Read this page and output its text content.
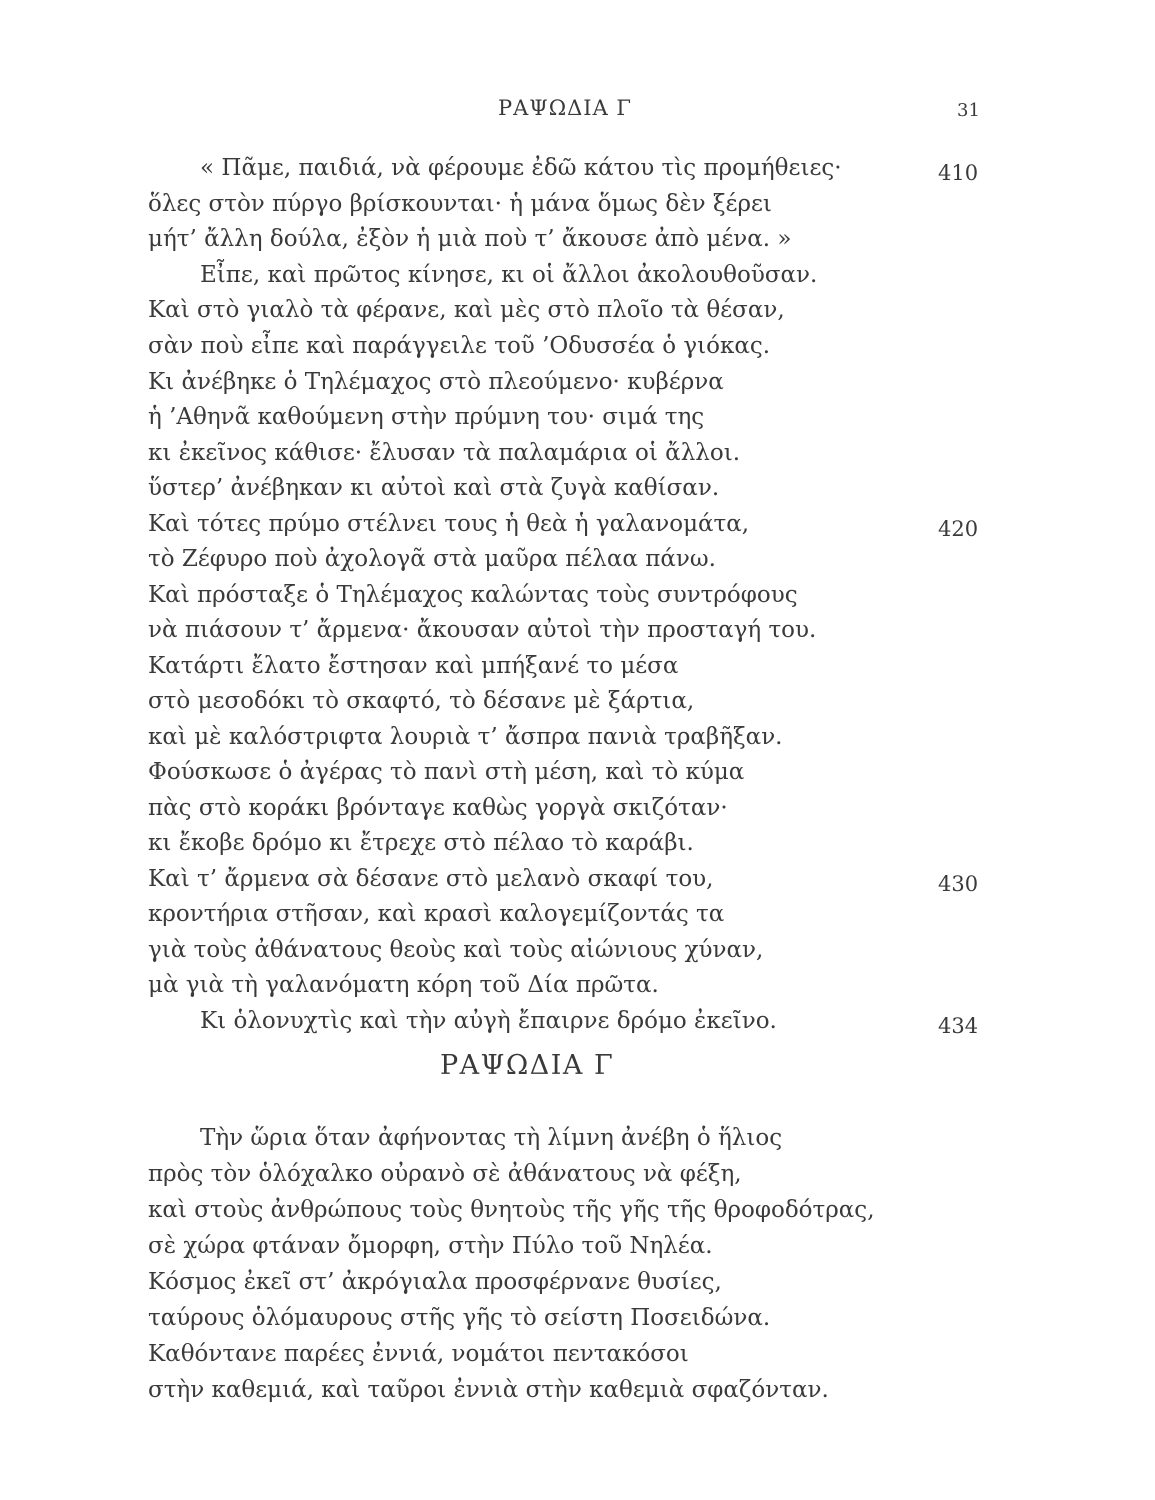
ΡΑΨΩΔΙΑ Γ	31
« Πᾶμε, παιδιά, νὰ φέρουμε ἐδῶ κάτου τὶς προμήθειες·
ὅλες στὸν πύργο βρίσκουνται· ἡ μάνα ὅμως δὲν ξέρει
μήτ’ ἄλλη δούλα, ἐξὸν ἡ μιὰ ποὺ τ’ ἄκουσε ἀπὸ μένα. »
Εἶπε, καὶ πρῶτος κίνησε, κι οἱ ἄλλοι ἀκολουθοῦσαν.
Καὶ στὸ γιαλὸ τὰ φέρανε, καὶ μὲς στὸ πλοῖο τὰ θέσαν,
σὰν ποὺ εἶπε καὶ παράγγειλε τοῦ ’Οδυσσέα ὁ γιόκας.
Κι ἀνέβηκε ὁ Τηλέμαχος στὸ πλεούμενο· κυβέρνα
ἡ ’Αθηνᾶ καθούμενη στὴν πρύμνη του· σιμά της
κι ἐκεῖνος κάθισε· ἔλυσαν τὰ παλαμάρια οἱ ἄλλοι.
ὕστερ’ ἀνέβηκαν κι αὐτοὶ καὶ στὰ ζυγὰ καθίσαν.
Καὶ τότες πρύμο στέλνει τους ἡ θεὰ ἡ γαλανομάτα,
τὸ Ζέφυρο ποὺ ἀχολογᾶ στὰ μαῦρα πέλαα πάνω.
Καὶ πρόσταξε ὁ Τηλέμαχος καλώντας τοὺς συντρόφους
νὰ πιάσουν τ’ ἄρμενα· ἄκουσαν αὐτοὶ τὴν προσταγή του.
Κατάρτι ἔλατο ἔστησαν καὶ μπήξανέ το μέσα
στὸ μεσοδόκι τὸ σκαφτό, τὸ δέσανε μὲ ξάρτια,
καὶ μὲ καλόστριφτα λουριὰ τ’ ἄσπρα πανιὰ τραβῆξαν.
Φούσκωσε ὁ ἀγέρας τὸ πανὶ στὴ μέση, καὶ τὸ κύμα
πὰς στὸ κοράκι βρόνταγε καθὼς γοργὰ σκιζόταν·
κι ἔκοβε δρόμο κι ἔτρεχε στὸ πέλαο τὸ καράβι.
Καὶ τ’ ἄρμενα σὰ δέσανε στὸ μελανὸ σκαφί του,
κροντήρια στῆσαν, καὶ κρασὶ καλογεμίζοντάς τα
γιὰ τοὺς ἀθάνατους θεοὺς καὶ τοὺς αἰώνιους χύναν,
μὰ γιὰ τὴ γαλανόματη κόρη τοῦ Δία πρῶτα.
Κι ὁλονυχτὶς καὶ τὴν αὐγὴ ἔπαιρνε δρόμο ἐκεῖνο.
410
420
430
434
ΡΑΨΩΔΙΑ Γ
Τὴν ὥρια ὅταν ἀφήνοντας τὴ λίμνη ἀνέβη ὁ ἥλιος
πρὸς τὸν ὁλόχαλκο οὐρανὸ σὲ ἀθάνατους νὰ φέξη,
καὶ στοὺς ἀνθρώπους τοὺς θνητοὺς τῆς γῆς τῆς θροφοδότρας,
σὲ χώρα φτάναν ὄμορφη, στὴν Πύλο τοῦ Νηλέα.
Κόσμος ἐκεῖ στ’ ἀκρόγιαλα προσφέρνανε θυσίες,
ταύρους ὁλόμαυρους στῆς γῆς τὸ σείστη Ποσειδώνα.
Καθόντανε παρέες ἐννιά, νομάτοι πεντακόσοι
στὴν καθεμιά, καὶ ταῦροι ἐννιὰ στὴν καθεμιὰ σφαζόνταν.
